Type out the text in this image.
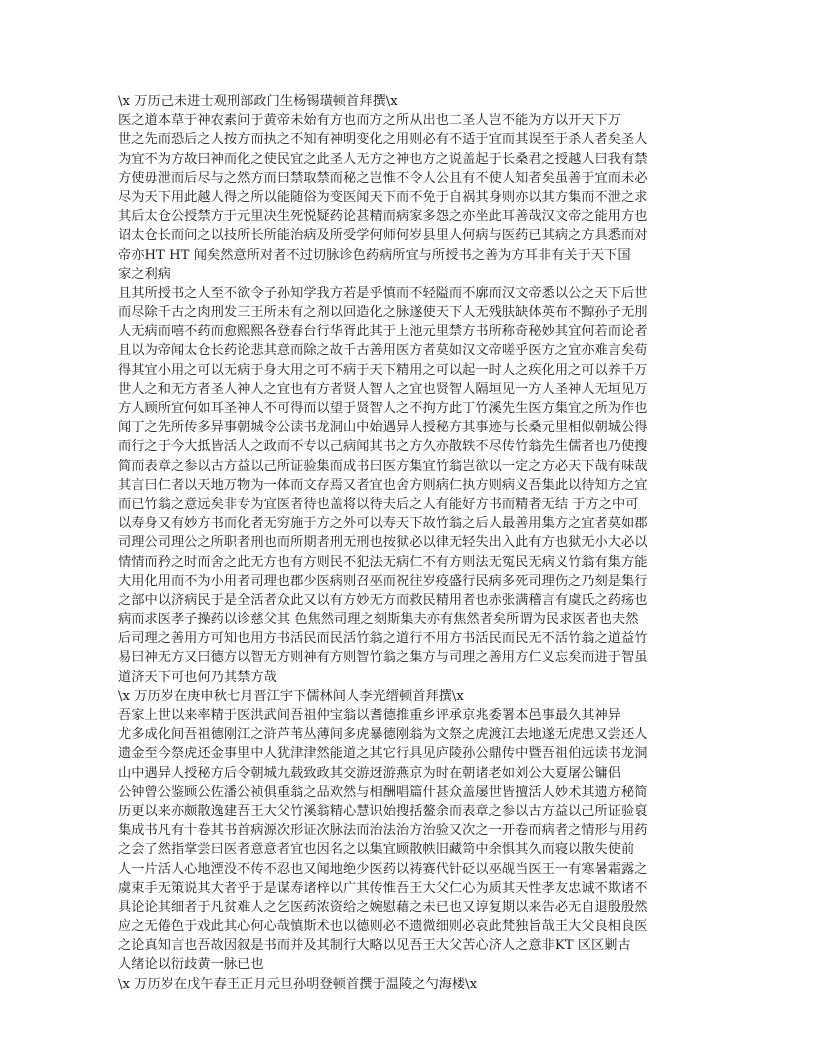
\x 万历己未进士观刑部政门生杨锡璜顿首拜撰\x
医之道本草于神农素问于黄帝未始有方也而方之所从出也二圣人岂不能为方以开天下万
世之先而恐后之人按方而执之不知有神明变化之用则必有不适于宜而其误至于杀人者矣圣人
为宜不为方故曰神而化之使民宜之此圣人无方之神也方之说盖起于长桑君之授越人曰我有禁
方使毋泄而后尽与之然方而曰禁取禁而秘之岂惟不令人公且有不使人知者矣虽善于宜而未必
尽为天下用此越人得之所以能随俗为变医闻天下而不免于自祸其身则亦以其方集而不泄之求
其后太仓公授禁方于元里决生死悦疑药论甚精而病家多怨之亦坐此耳善哉汉文帝之能用方也
诏太仓长而问之以技所长所能治病及所受学何师何岁县里人何病与医药已其病之方具悉而对
帝亦HT HT 闻矣然意所对者不过切脉诊色药病所宜与所授书之善为方耳非有关于天下国
家之利病
且其所授书之人至不欲令子孙知学我方若是乎慎而不轻隘而不廓而汉文帝悉以公之天下后世
而尽除千古之肉刑发三王所未有之剂以回造化之脉遂使天下人无残肤缺体英布不黥孙子无刖
人无病而嘻不药而愈熙熙各登春台行华胥此其于上池元里禁方书所称奇秘妙其宜何若而论者
且以为帝闻太仓长药论悲其意而除之故千古善用医方者莫如汉文帝嗟乎医方之宜亦难言矣苟
得其宜小用之可以无病于身大用之可不病于天下精用之可以起一时人之疾化用之可以养千万
世人之和无方者圣人神人之宜也有方者贤人智人之宜也贤智人隔垣见一方人圣神人无垣见万
方人顾所宜何如耳圣神人不可得而以望于贤智人之不拘方此丁竹溪先生医方集宜之所为作也
闻丁之先所传多异事朝城令公读书龙洞山中始遇异人授秘方其事迹与长桑元里相似朝城公得
而行之于今大抵皆活人之政而不专以己病闻其书之方久亦散轶不尽传竹翁先生儒者也乃使搜
简而表章之参以古方益以己所证验集而成书曰医方集宜竹翁岂欲以一定之方必天下哉有味哉
其言曰仁者以天地万物为一体而文存焉又者宜也舍方则病仁执方则病义吾集此以待知方之宜
而已竹翁之意远矣非专为宜医者待也盖将以待夫后之人有能好方书而精者无结 于方之中可
以寿身又有妙方书而化者无穷施于方之外可以寿天下故竹翁之后人最善用集方之宜者莫如郡
司理公司理公之所职者刑也而所期者刑无刑也按狱必以律无轻失出入此有方也狱无小大必以
情情而矜之时而舍之此无方也有方则民不犯法无病仁不有方则法无冤民无病义竹翁有集方能
大用化用而不为小用者司理也郡少医病则召巫而祝往岁疫盛行民病多死司理伤之乃刻是集行
之部中以济病民于是全活者众此又以有方妙无方而救民精用者也赤张满稽言有虞氏之药疡也
病而求医孝子操药以诊慈父其 色焦然司理之刻斯集夫亦有焦然者矣所谓为民求医者也夫然
后司理之善用方可知也用方书活民而民活竹翁之道行不用方书活民而民无不活竹翁之道益竹
易曰神无方又曰德方以智无方则神有方则智竹翁之集方与司理之善用方仁义忘矣而进于智虽
道济天下可也何乃其禁方哉
\x 万历岁在庚申秋七月晋江宇下儒林间人李光缙顿首拜撰\x
吾家上世以来率精于医洪武间吾祖仲宝翁以耆德推重乡评承京兆委署本邑事最久其神异
尤多成化间吾祖德刚江之浒芦苇丛薄间多虎暴德刚翁为文祭之虎渡江去地遂无虎患又尝还人
遗金至今祭虎还金事里中人犹津津然能道之其它行具见庐陵孙公鼎传中暨吾祖伯远读书龙洞
山中遇异人授秘方后令朝城九载致政其交游迓游燕京为时在朝诸老如刘公大夏屠公镛侣
公钟曾公鉴顾公佐潘公祯俱重翁之品欢然与相酬唱篇什甚众盖屡世皆擅活人妙术其遗方秘简
历更以来亦颇散逸建吾王大父竹溪翁精心慧识始搜括鳌余而表章之参以古方益以己所证验裒
集成书凡有十卷其书首病源次形证次脉法而治法治方治验又次之一开卷而病者之情形与用药
之会了然指掌尝曰医者意意者宜也因名之以集宜顾散帙旧藏笥中余惧其久而寝以散失使前
人一片活人心地湮没不传不忍也又闻地绝少医药以祷赛代针砭以巫觇当医王一有寒暑霜露之
虞束手无策说其大者乎于是谋寿诸梓以广其传惟吾王大父仁心为质其天性孝友忠诚不欺诸不
具论论其细者于凡贫难人之乞医药浓资给之婉慰藉之未已也又谆复期以来告必无自退殷殷然
应之无倦色于戏此其心何心哉慎斯术也以德则必不遗微细则必哀此梵独旨哉王大父良相良医
之论真知言也吾故因叙是书而并及其制行大略以见吾王大父苦心济人之意非KT 区区剿古
人绪论以衍歧黄一脉已也
\x 万历岁在戊午春王正月元旦孙明登顿首撰于温陵之勺海楼\x
